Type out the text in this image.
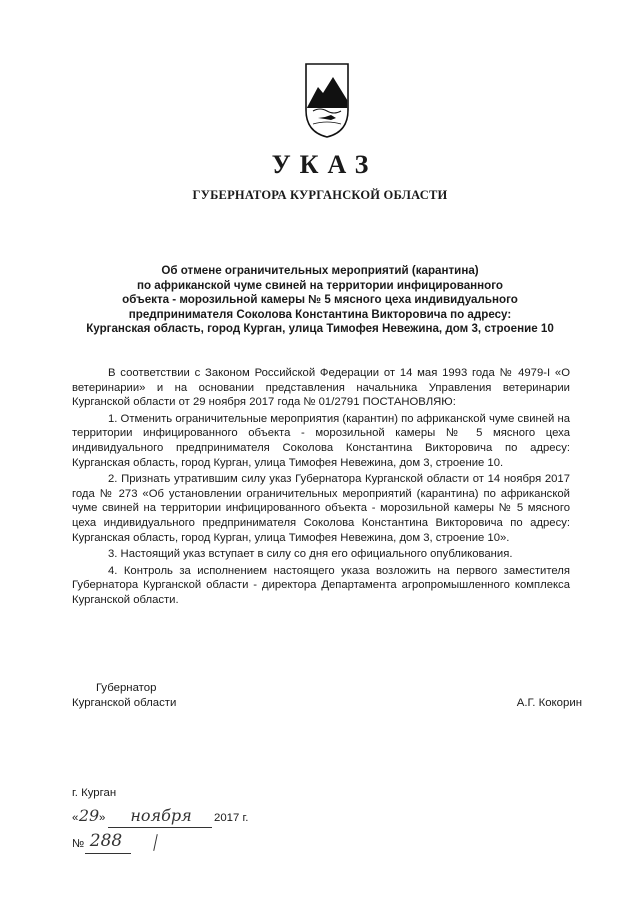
УКАЗ
ГУБЕРНАТОРА КУРГАНСКОЙ ОБЛАСТИ
Об отмене ограничительных мероприятий (карантина)
по африканской чуме свиней на территории инфицированного
объекта - морозильной камеры № 5 мясного цеха индивидуального
предпринимателя Соколова Константина Викторовича по адресу:
Курганская область, город Курган, улица Тимофея Невежина, дом 3, строение 10
В соответствии с Законом Российской Федерации от 14 мая 1993 года № 4979-I «О ветеринарии» и на основании представления начальника Управления ветеринарии Курганской области от 29 ноября 2017 года № 01/2791 ПОСТАНОВЛЯЮ:
1. Отменить ограничительные мероприятия (карантин) по африканской чуме свиней на территории инфицированного объекта - морозильной камеры № 5 мясного цеха индивидуального предпринимателя Соколова Константина Викторовича по адресу: Курганская область, город Курган, улица Тимофея Невежина, дом 3, строение 10.
2. Признать утратившим силу указ Губернатора Курганской области от 14 ноября 2017 года № 273 «Об установлении ограничительных мероприятий (карантина) по африканской чуме свиней на территории инфицированного объекта - морозильной камеры № 5 мясного цеха индивидуального предпринимателя Соколова Константина Викторовича по адресу: Курганская область, город Курган, улица Тимофея Невежина, дом 3, строение 10».
3. Настоящий указ вступает в силу со дня его официального опубликования.
4. Контроль за исполнением настоящего указа возложить на первого заместителя Губернатора Курганской области - директора Департамента агропромышленного комплекса Курганской области.
Губернатор
Курганской области	А.Г. Кокорин
г. Курган
« 29 »	ноября	2017 г.
№ 288
